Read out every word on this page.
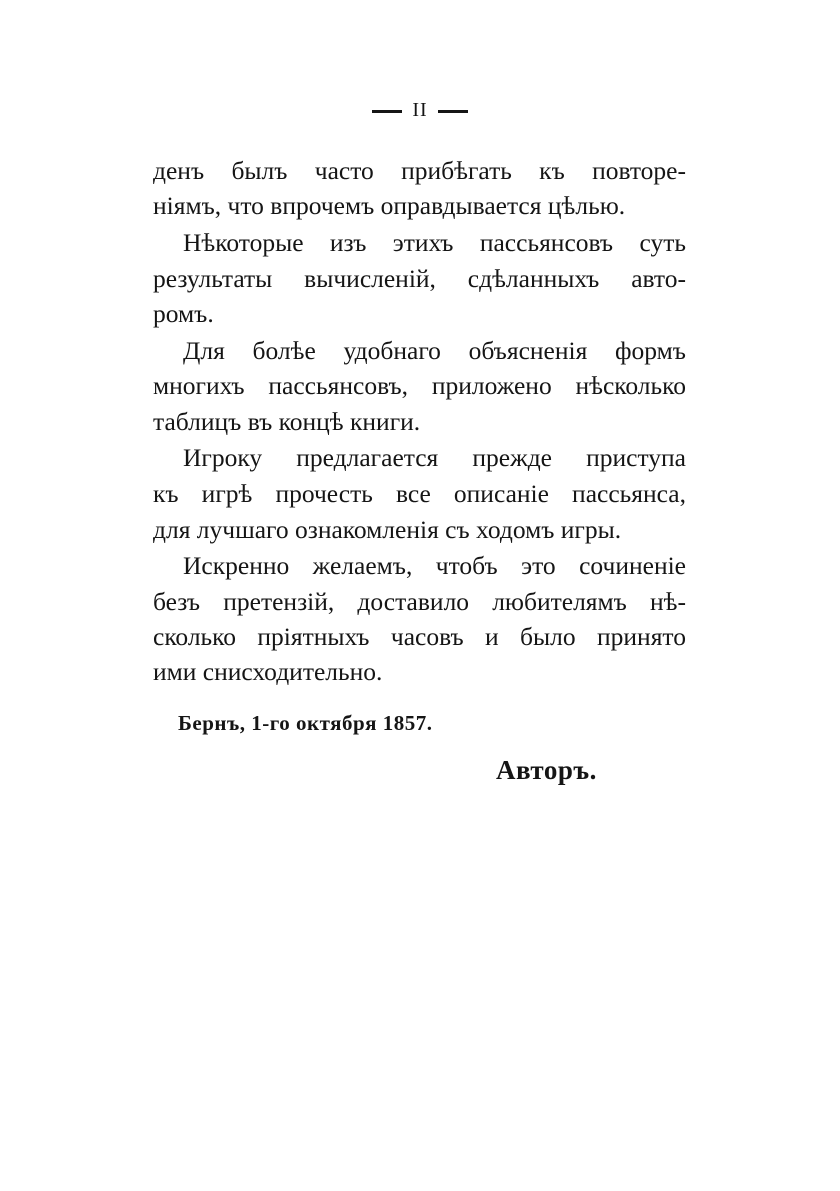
II
денъ былъ часто прибѣгать къ повторе-
ніямъ, что впрочемъ оправдывается цѣлью.
Нѣкоторые изъ этихъ пассьянсовъ суть
результаты вычисленій, сдѣланныхъ авто-
ромъ.
Для болѣе удобнаго объясненія формъ
многихъ пассьянсовъ, приложено нѣсколько
таблицъ въ концѣ книги.
Игроку предлагается прежде приступа
къ игрѣ прочесть все описаніе пассьянса,
для лучшаго ознакомленія съ ходомъ игры.
Искренно желаемъ, чтобъ это сочиненіе
безъ претензій, доставило любителямъ нѣ-
сколько пріятныхъ часовъ и было принято
ими снисходительно.
Бернъ, 1-го октября 1857.
Авторъ.
